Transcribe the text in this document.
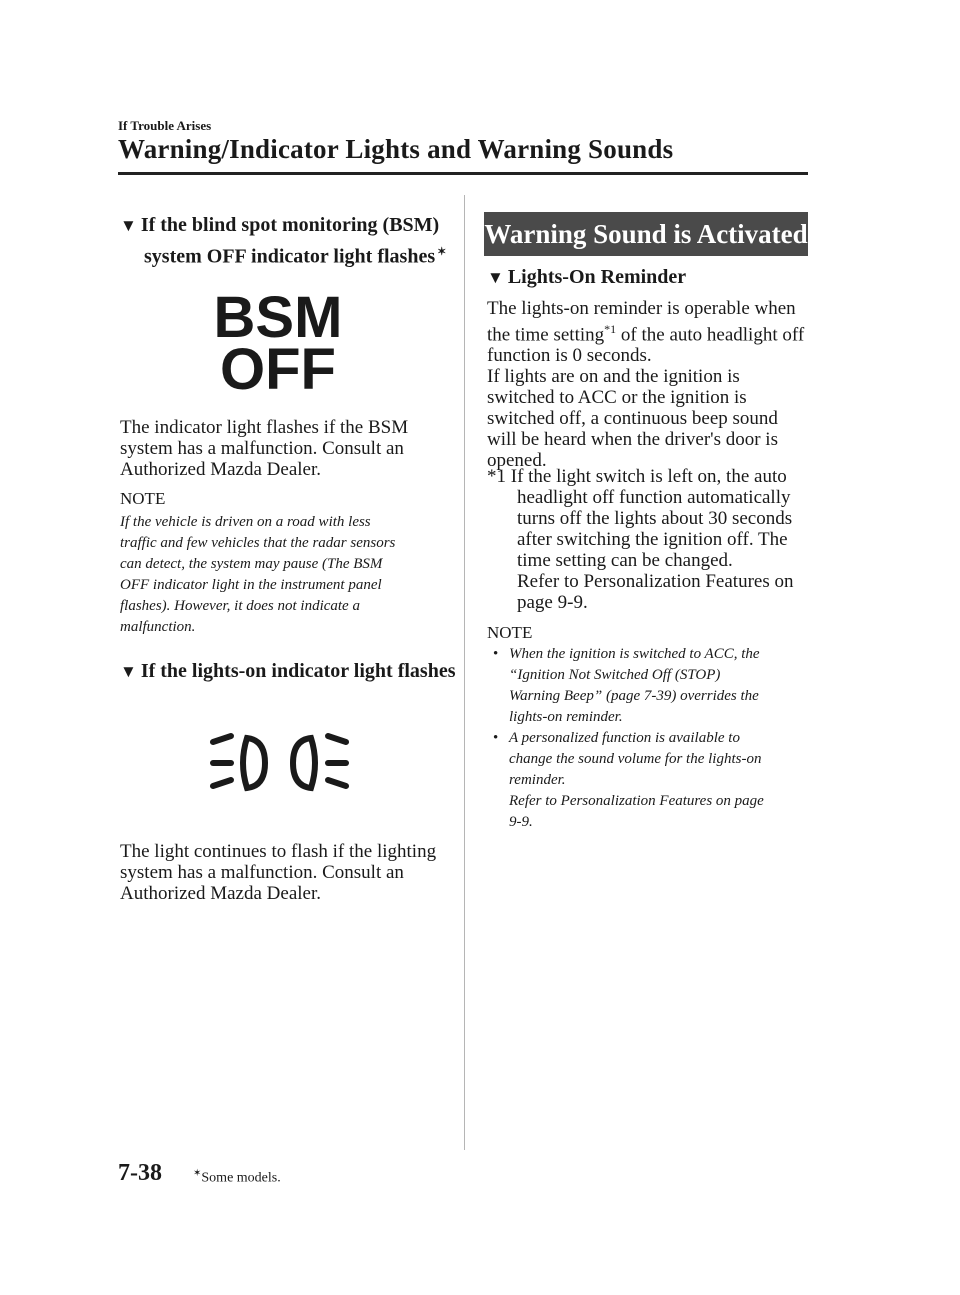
If Trouble Arises
Warning/Indicator Lights and Warning Sounds
▼ If the blind spot monitoring (BSM)
system OFF indicator light flashes ✶
BSM
OFF
The indicator light flashes if the BSM
system has a malfunction. Consult an
Authorized Mazda Dealer.
NOTE
If the vehicle is driven on a road with less
traffic and few vehicles that the radar sensors
can detect, the system may pause (The BSM
OFF indicator light in the instrument panel
flashes). However, it does not indicate a
malfunction.
▼ If the lights-on indicator light flashes
The light continues to flash if the lighting
system has a malfunction. Consult an
Authorized Mazda Dealer.
Warning Sound is Activated
▼ Lights-On Reminder
The lights-on reminder is operable when
the time setting$^{*1}$ of the auto headlight off
function is 0 seconds.
If lights are on and the ignition is
switched to ACC or the ignition is
switched off, a continuous beep sound
will be heard when the driver's door is
opened.
*1 If the light switch is left on, the auto
headlight off function automatically
turns off the lights about 30 seconds
after switching the ignition off. The
time setting can be changed.
Refer to Personalization Features on
page 9-9.
NOTE
• When the ignition is switched to ACC, the
“Ignition Not Switched Off (STOP)
Warning Beep” (page 7-39) overrides the
lights-on reminder.
• A personalized function is available to
change the sound volume for the lights-on
reminder.
Refer to Personalization Features on page
9-9.
7-38	✶Some models.
